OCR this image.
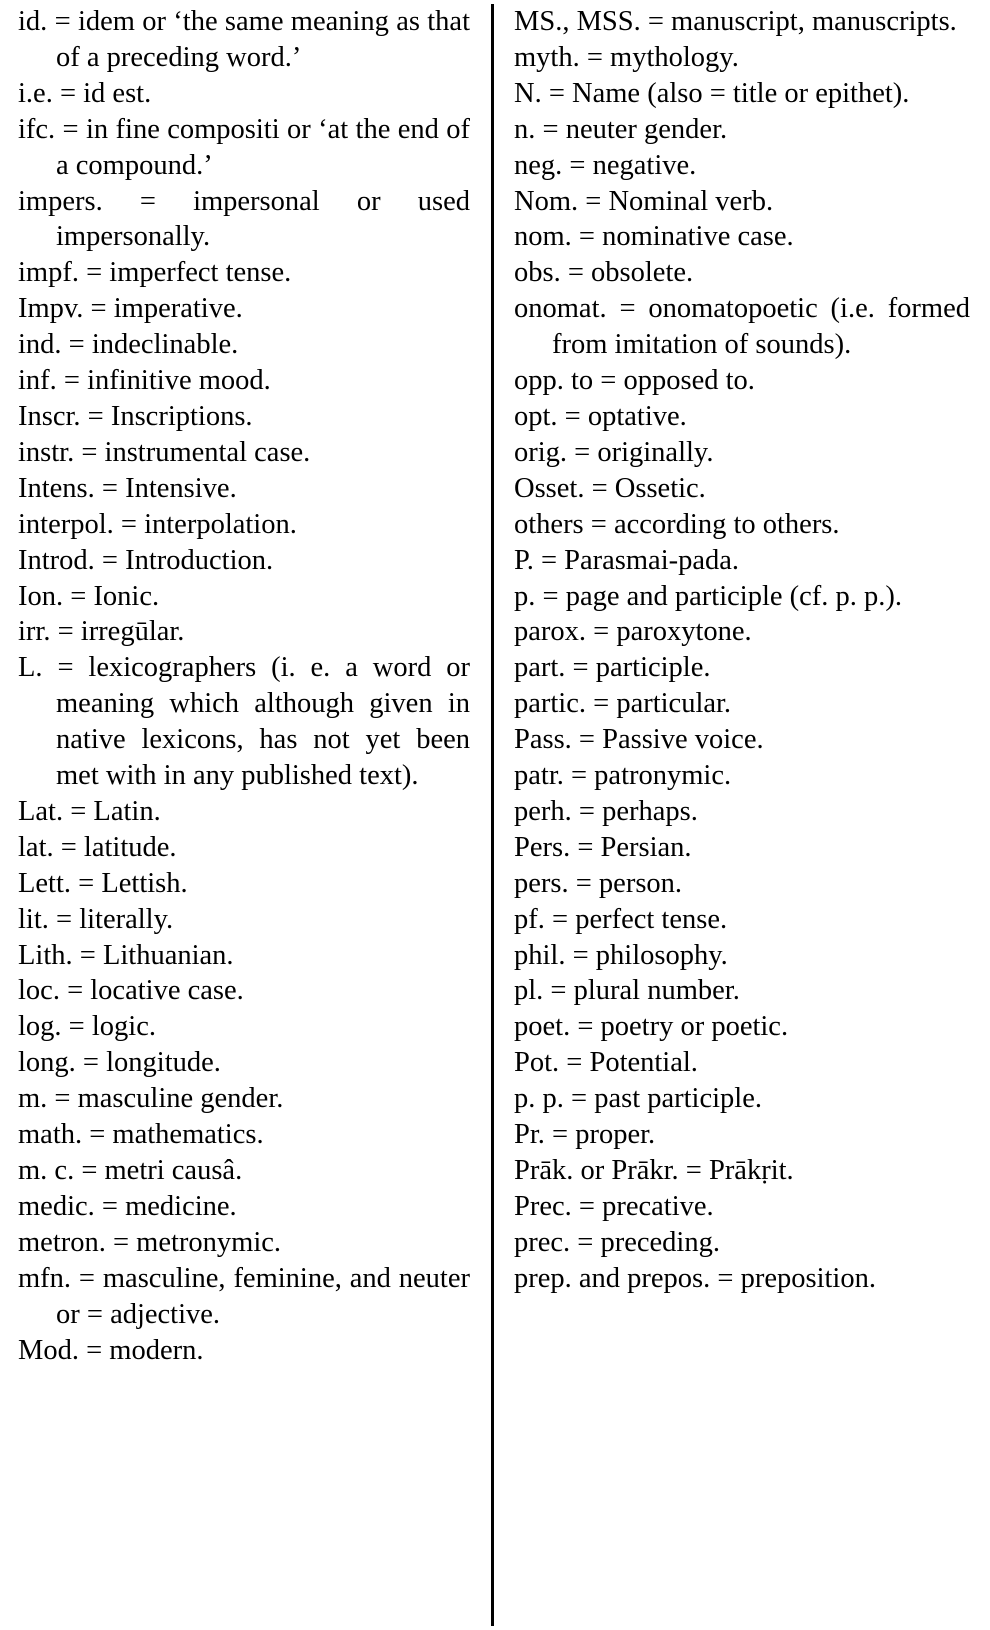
id. = idem or ‘the same meaning as that of a preceding word.’

i.e. = id est.

ifc. = in fine compositi or ‘at the end of a compound.’

impers. = impersonal or used impersonally.

impf. = imperfect tense.

Impv. = imperative.

ind. = indeclinable.

inf. = infinitive mood.

Inscr. = Inscriptions.

instr. = instrumental case.

Intens. = Intensive.

interpol. = interpolation.

Introd. = Introduction.

Ion. = Ionic.

irr. = irregūlar.

L. = lexicographers (i. e. a word or meaning which although given in native lexicons, has not yet been met with in any published text).

Lat. = Latin.

lat. = latitude.

Lett. = Lettish.

lit. = literally.

Lith. = Lithuanian.

loc. = locative case.

log. = logic.

long. = longitude.

m. = masculine gender.

math. = mathematics.

m. c. = metri causâ.

medic. = medicine.

metron. = metronymic.

mfn. = masculine, feminine, and neuter or = adjective.

Mod. = modern.

MS., MSS. = manuscript, manuscripts.

myth. = mythology.

N. = Name (also = title or epithet).

n. = neuter gender.

neg. = negative.

Nom. = Nominal verb.

nom. = nominative case.

obs. = obsolete.

onomat. = onomatopoetic (i.e. formed from imitation of sounds).

opp. to = opposed to.

opt. = optative.

orig. = originally.

Osset. = Ossetic.

others = according to others.

P. = Parasmai-pada.

p. = page and participle (cf. p. p.).

parox. = paroxytone.

part. = participle.

partic. = particular.

Pass. = Passive voice.

patr. = patronymic.

perh. = perhaps.

Pers. = Persian.

pers. = person.

pf. = perfect tense.

phil. = philosophy.

pl. = plural number.

poet. = poetry or poetic.

Pot. = Potential.

p. p. = past participle.

Pr. = proper.

Prāk. or Prākr. = Prākṛit.

Prec. = precative.

prec. = preceding.

prep. and prepos. = preposition.
